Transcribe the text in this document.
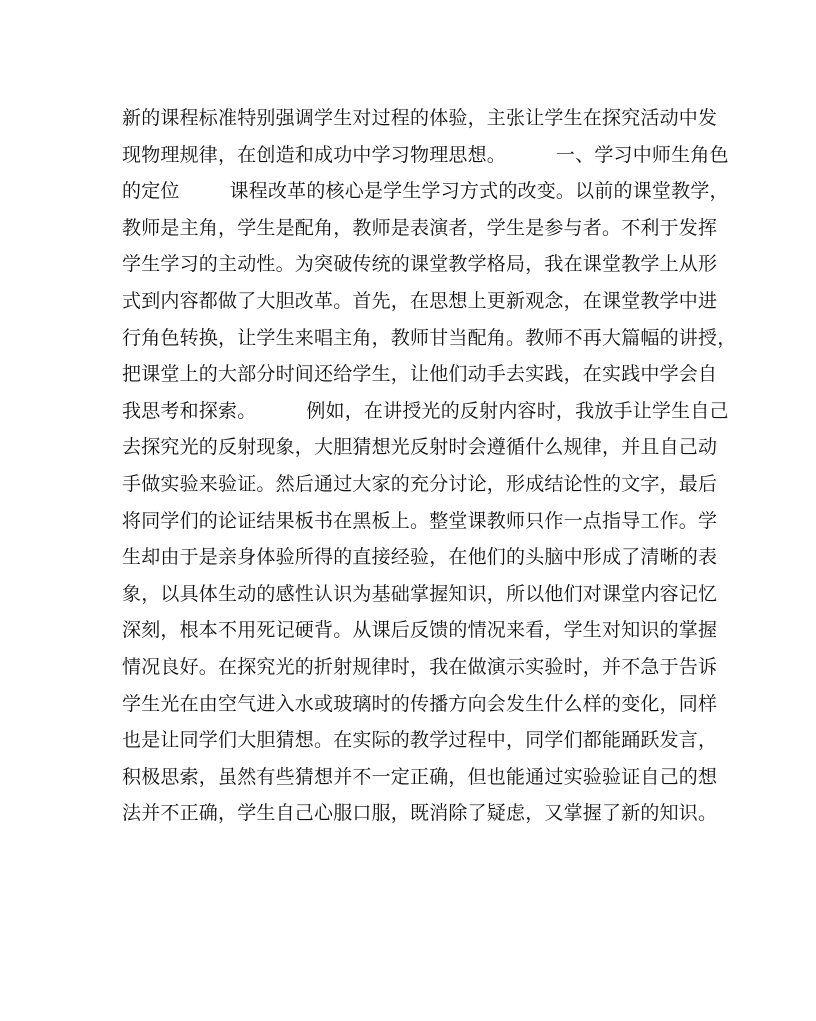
新的课程标准特别强调学生对过程的体验，主张让学生在探究活动中发
现物理规律，在创造和成功中学习物理思想。        一、学习中师生角色
的定位        课程改革的核心是学生学习方式的改变。以前的课堂教学，
教师是主角，学生是配角，教师是表演者，学生是参与者。不利于发挥
学生学习的主动性。为突破传统的课堂教学格局，我在课堂教学上从形
式到内容都做了大胆改革。首先，在思想上更新观念，在课堂教学中进
行角色转换，让学生来唱主角，教师甘当配角。教师不再大篇幅的讲授，
把课堂上的大部分时间还给学生，让他们动手去实践，在实践中学会自
我思考和探索。        例如，在讲授光的反射内容时，我放手让学生自己
去探究光的反射现象，大胆猜想光反射时会遵循什么规律，并且自己动
手做实验来验证。然后通过大家的充分讨论，形成结论性的文字，最后
将同学们的论证结果板书在黑板上。整堂课教师只作一点指导工作。学
生却由于是亲身体验所得的直接经验，在他们的头脑中形成了清晰的表
象，以具体生动的感性认识为基础掌握知识，所以他们对课堂内容记忆
深刻，根本不用死记硬背。从课后反馈的情况来看，学生对知识的掌握
情况良好。在探究光的折射规律时，我在做演示实验时，并不急于告诉
学生光在由空气进入水或玻璃时的传播方向会发生什么样的变化，同样
也是让同学们大胆猜想。在实际的教学过程中，同学们都能踊跃发言，
积极思索，虽然有些猜想并不一定正确，但也能通过实验验证自己的想
法并不正确，学生自己心服口服，既消除了疑虑，又掌握了新的知识。
